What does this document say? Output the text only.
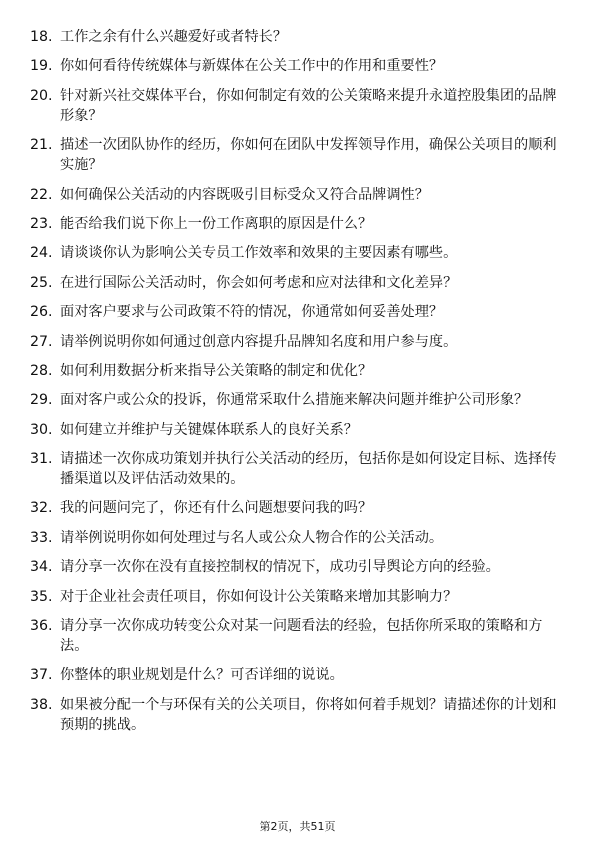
18. 工作之余有什么兴趣爱好或者特长？
19. 你如何看待传统媒体与新媒体在公关工作中的作用和重要性？
20. 针对新兴社交媒体平台，你如何制定有效的公关策略来提升永道控股集团的品牌形象？
21. 描述一次团队协作的经历，你如何在团队中发挥领导作用，确保公关项目的顺利实施？
22. 如何确保公关活动的内容既吸引目标受众又符合品牌调性？
23. 能否给我们说下你上一份工作离职的原因是什么？
24. 请谈谈你认为影响公关专员工作效率和效果的主要因素有哪些。
25. 在进行国际公关活动时，你会如何考虑和应对法律和文化差异？
26. 面对客户要求与公司政策不符的情况，你通常如何妥善处理？
27. 请举例说明你如何通过创意内容提升品牌知名度和用户参与度。
28. 如何利用数据分析来指导公关策略的制定和优化？
29. 面对客户或公众的投诉，你通常采取什么措施来解决问题并维护公司形象？
30. 如何建立并维护与关键媒体联系人的良好关系？
31. 请描述一次你成功策划并执行公关活动的经历，包括你是如何设定目标、选择传播渠道以及评估活动效果的。
32. 我的问题问完了，你还有什么问题想要问我的吗？
33. 请举例说明你如何处理过与名人或公众人物合作的公关活动。
34. 请分享一次你在没有直接控制权的情况下，成功引导舆论方向的经验。
35. 对于企业社会责任项目，你如何设计公关策略来增加其影响力？
36. 请分享一次你成功转变公众对某一问题看法的经验，包括你所采取的策略和方法。
37. 你整体的职业规划是什么？可否详细的说说。
38. 如果被分配一个与环保有关的公关项目，你将如何着手规划？请描述你的计划和预期的挑战。
第2页，共51页
